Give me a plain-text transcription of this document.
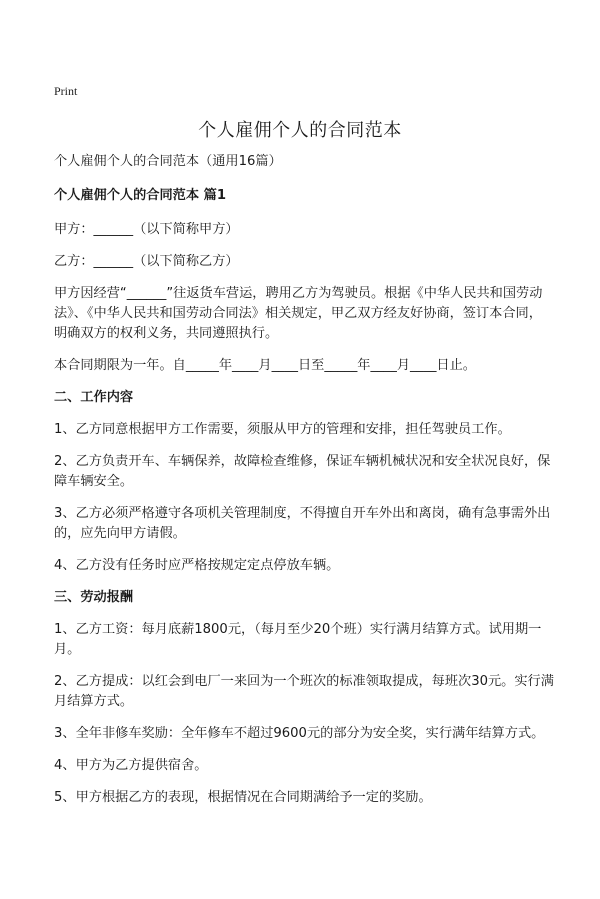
Print
个人雇佣个人的合同范本

个人雇佣个人的合同范本（通用16篇）

个人雇佣个人的合同范本 篇1

甲方：______（以下简称甲方）

乙方：______（以下简称乙方）

甲方因经营“______”往返货车营运，聘用乙方为驾驶员。根据《中华人民共和国劳动法》、《中华人民共和国劳动合同法》相关规定，甲乙双方经友好协商，签订本合同，明确双方的权利义务，共同遵照执行。

本合同期限为一年。自_____年____月____日至_____年____月____日止。

二、工作内容

1、乙方同意根据甲方工作需要，须服从甲方的管理和安排，担任驾驶员工作。

2、乙方负责开车、车辆保养，故障检查维修，保证车辆机械状况和安全状况良好，保障车辆安全。

3、乙方必须严格遵守各项机关管理制度，不得擅自开车外出和离岗，确有急事需外出的，应先向甲方请假。

4、乙方没有任务时应严格按规定定点停放车辆。

三、劳动报酬

1、乙方工资：每月底薪1800元，（每月至少20个班）实行满月结算方式。试用期一月。

2、乙方提成：以红会到电厂一来回为一个班次的标准领取提成，每班次30元。实行满月结算方式。

3、全年非修车奖励：全年修车不超过9600元的部分为安全奖，实行满年结算方式。

4、甲方为乙方提供宿舍。

5、甲方根据乙方的表现，根据情况在合同期满给予一定的奖励。
